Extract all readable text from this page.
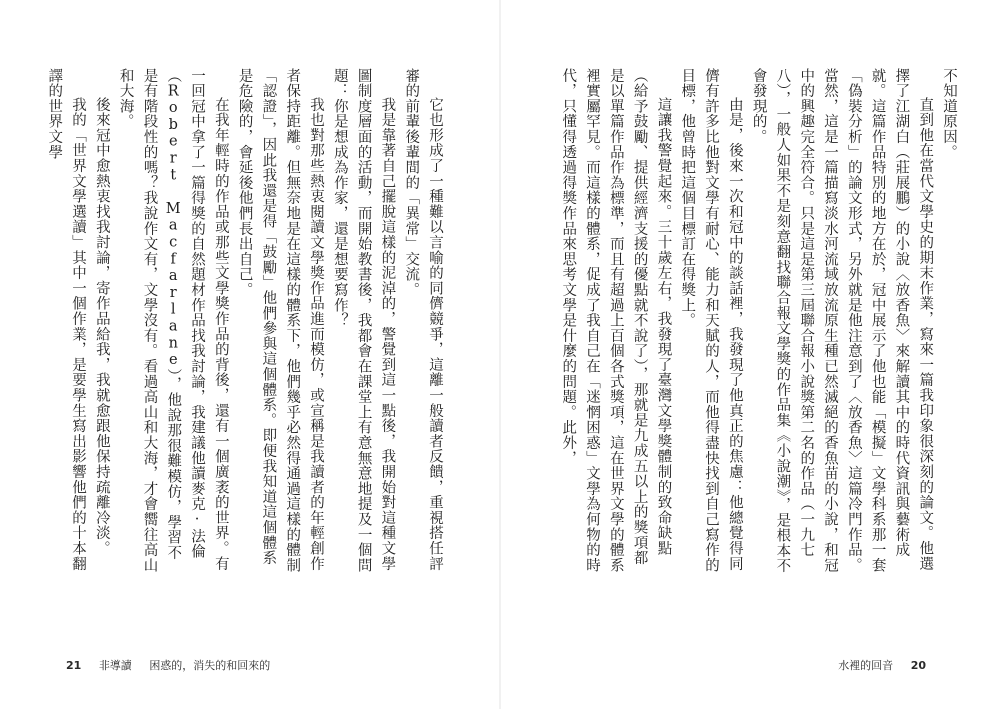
它也形成了一種難以言喻的同儕競爭，這離一般讀者反饋，重視搭任評審的前輩後輩間的「異常」交流。

我是靠著自己擺脫這樣的泥淖的，警覺到這一點後，我開始對這種文學圖制度層面的活動，而開始教書後，我都會在課堂上有意無意地提及一個問題：你是想成為作家，還是想要寫作？

我也對那些熱衷閱讀文學獎作品進而模仿，或宣稱是我讀者的年輕創作者保持距離。但無奈地是在這樣的體系下，他們幾乎必然得通過這樣的體制「認證」，因此我還是得「鼓勵」他們參與這個體系。即便我知道這個體系是危險的，會延後他們長出自己。

在我年輕時的作品或那些文學獎作品的背後，還有一個廣袤的世界。有一回冠中拿了一篇得獎的自然題材作品找我討論，我建議他讀麥克·法倫（Robert Macfarlane），他說那很難模仿，學習不是有階段性的嗎？我說作文有，文學沒有。看過高山和大海，才會嚮往高山和大海。

後來冠中愈熱衷找我討論，寄作品給我，我就愈跟他保持疏離冷淡。

我的「世界文學選讀」其中一個作業，是要學生寫出影響他們的十本翻譯的世界文學

21 非導讀 困惑的，消失的和回來的

不知道原因。

直到他在當代文學史的期末作業，寫來一篇我印象很深刻的論文。他選擇了江湖白（莊展鵬）的小說〈放香魚〉來解讀其中的時代資訊與藝術成就。這篇作品特別的地方在於，冠中展示了他也能「模擬」文學科系那一套「偽裝分析」的論文形式，另外就是他注意到了〈放香魚〉這篇冷門作品。當然，這是一篇描寫淡水河流域放流原生種已然滅絕的香魚苗的小說，和冠中的興趣完全符合。只是這是第三屆聯合報小說獎第二名的作品（一九七八），一般人如果不是刻意翻找聯合報文學獎的作品集《小說潮》，是根本不會發現的。

由是，後來一次和冠中的談話裡，我發現了他真正的焦慮：他總覺得同儕有許多比他對文學有耐心、能力和天賦的人，而他得盡快找到自己寫作的目標，他曾時把這個目標訂在得獎上。

這讓我警覺起來。三十歲左右，我發現了臺灣文學獎體制的致命缺點（給予鼓勵、提供經濟支援的優點就不說了），那就是九成五以上的獎項都是以單篇作品作為標準，而且有超過上百個各式獎項，這在世界文學的體系裡實屬罕見。而這樣的體系，促成了我自己在「迷惘困惑」文學為何物的時代，只懂得透過得獎作品來思考文學是什麼的問題。此外，

水裡的回音 20
